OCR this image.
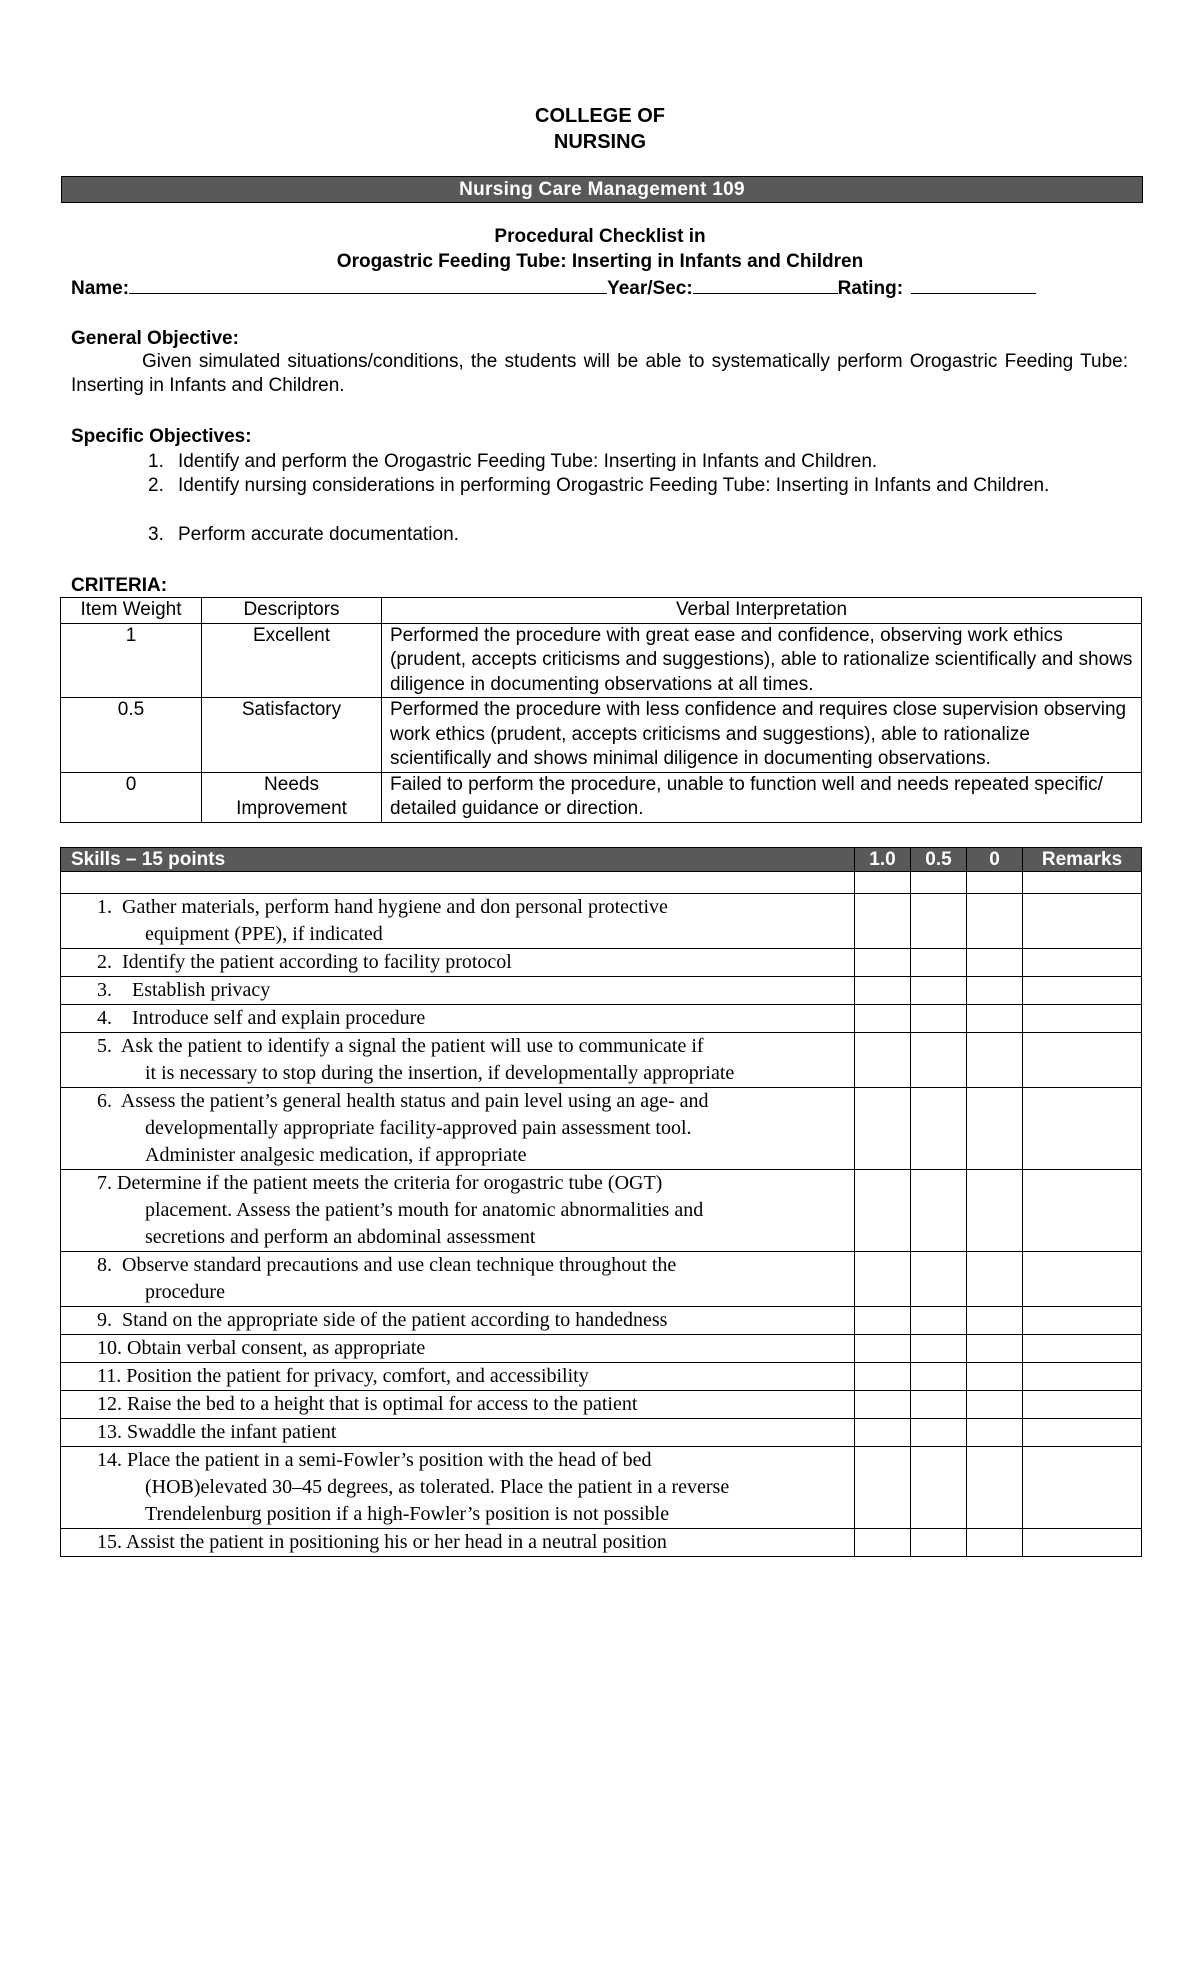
COLLEGE OF
NURSING
Nursing Care Management 109
Procedural Checklist in
Orogastric Feeding Tube: Inserting in Infants and Children
Name:	Year/Sec:	Rating:
General Objective:
Given simulated situations/conditions, the students will be able to systematically perform Orogastric Feeding Tube: Inserting in Infants and Children.
Specific Objectives:
1. Identify and perform the Orogastric Feeding Tube: Inserting in Infants and Children.
2. Identify nursing considerations in performing Orogastric Feeding Tube: Inserting in Infants and Children.
3. Perform accurate documentation.
CRITERIA:
Item Weight	Descriptors	Verbal Interpretation
1	Excellent	Performed the procedure with great ease and confidence, observing work ethics (prudent, accepts criticisms and suggestions), able to rationalize scientifically and shows diligence in documenting observations at all times.
0.5	Satisfactory	Performed the procedure with less confidence and requires close supervision observing work ethics (prudent, accepts criticisms and suggestions), able to rationalize scientifically and shows minimal diligence in documenting observations.
0	Needs Improvement	Failed to perform the procedure, unable to function well and needs repeated specific/ detailed guidance or direction.
Skills – 15 points	1.0	0.5	0	Remarks

1.  Gather materials, perform hand hygiene and don personal protective
equipment (PPE), if indicated				

2.  Identify the patient according to facility protocol				

3.    Establish privacy				

4.    Introduce self and explain procedure				

5.  Ask the patient to identify a signal the patient will use to communicate if
it is necessary to stop during the insertion, if developmentally appropriate				

6.  Assess the patient’s general health status and pain level using an age- and
developmentally appropriate facility-approved pain assessment tool.
Administer analgesic medication, if appropriate				

7. Determine if the patient meets the criteria for orogastric tube (OGT)
placement. Assess the patient’s mouth for anatomic abnormalities and
secretions and perform an abdominal assessment				

8.  Observe standard precautions and use clean technique throughout the
procedure				

9.  Stand on the appropriate side of the patient according to handedness				

10. Obtain verbal consent, as appropriate				

11. Position the patient for privacy, comfort, and accessibility				

12. Raise the bed to a height that is optimal for access to the patient				

13. Swaddle the infant patient				

14. Place the patient in a semi-Fowler’s position with the head of bed
(HOB)elevated 30–45 degrees, as tolerated. Place the patient in a reverse
Trendelenburg position if a high-Fowler’s position is not possible				

15. Assist the patient in positioning his or her head in a neutral position				
